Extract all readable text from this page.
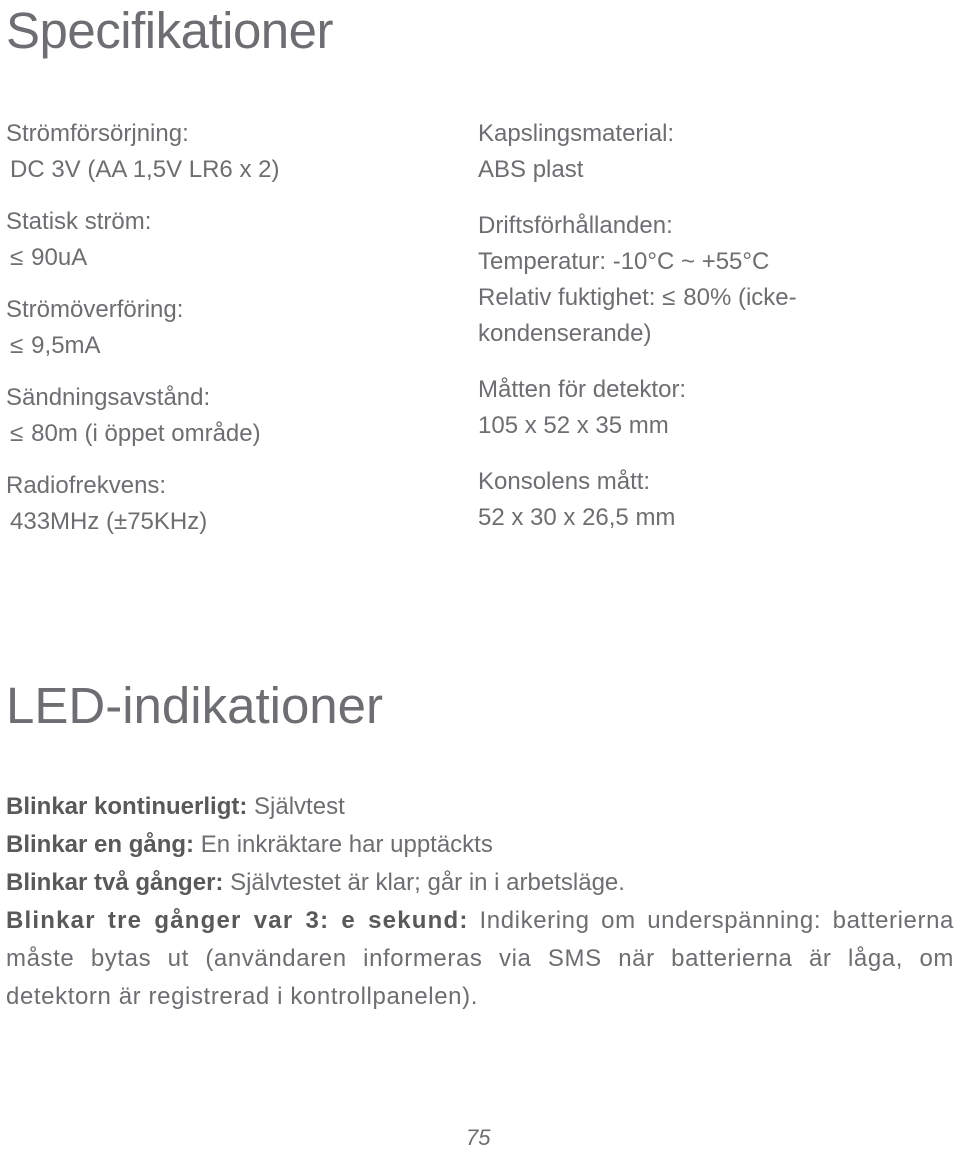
Specifikationer
Strömförsörjning:
DC 3V (AA 1,5V LR6 x 2)
Statisk ström:
≤ 90uA
Strömöverföring:
≤ 9,5mA
Sändningsavstånd:
≤ 80m (i öppet område)
Radiofrekvens:
433MHz (±75KHz)
Kapslingsmaterial:
ABS plast
Driftsförhållanden:
Temperatur: -10°C ~ +55°C
Relativ fuktighet: ≤ 80% (icke-
kondenserande)
Måtten för detektor:
105 x 52 x 35 mm
Konsolens mått:
52 x 30 x 26,5 mm
LED-indikationer
Blinkar kontinuerligt: Självtest
Blinkar en gång: En inkräktare har upptäckts
Blinkar två gånger: Självtestet är klar; går in i arbetsläge.
Blinkar tre gånger var 3: e sekund: Indikering om underspänning: batterierna måste bytas ut (användaren informeras via SMS när batterierna är låga, om detektorn är registrerad i kontrollpanelen).
75
